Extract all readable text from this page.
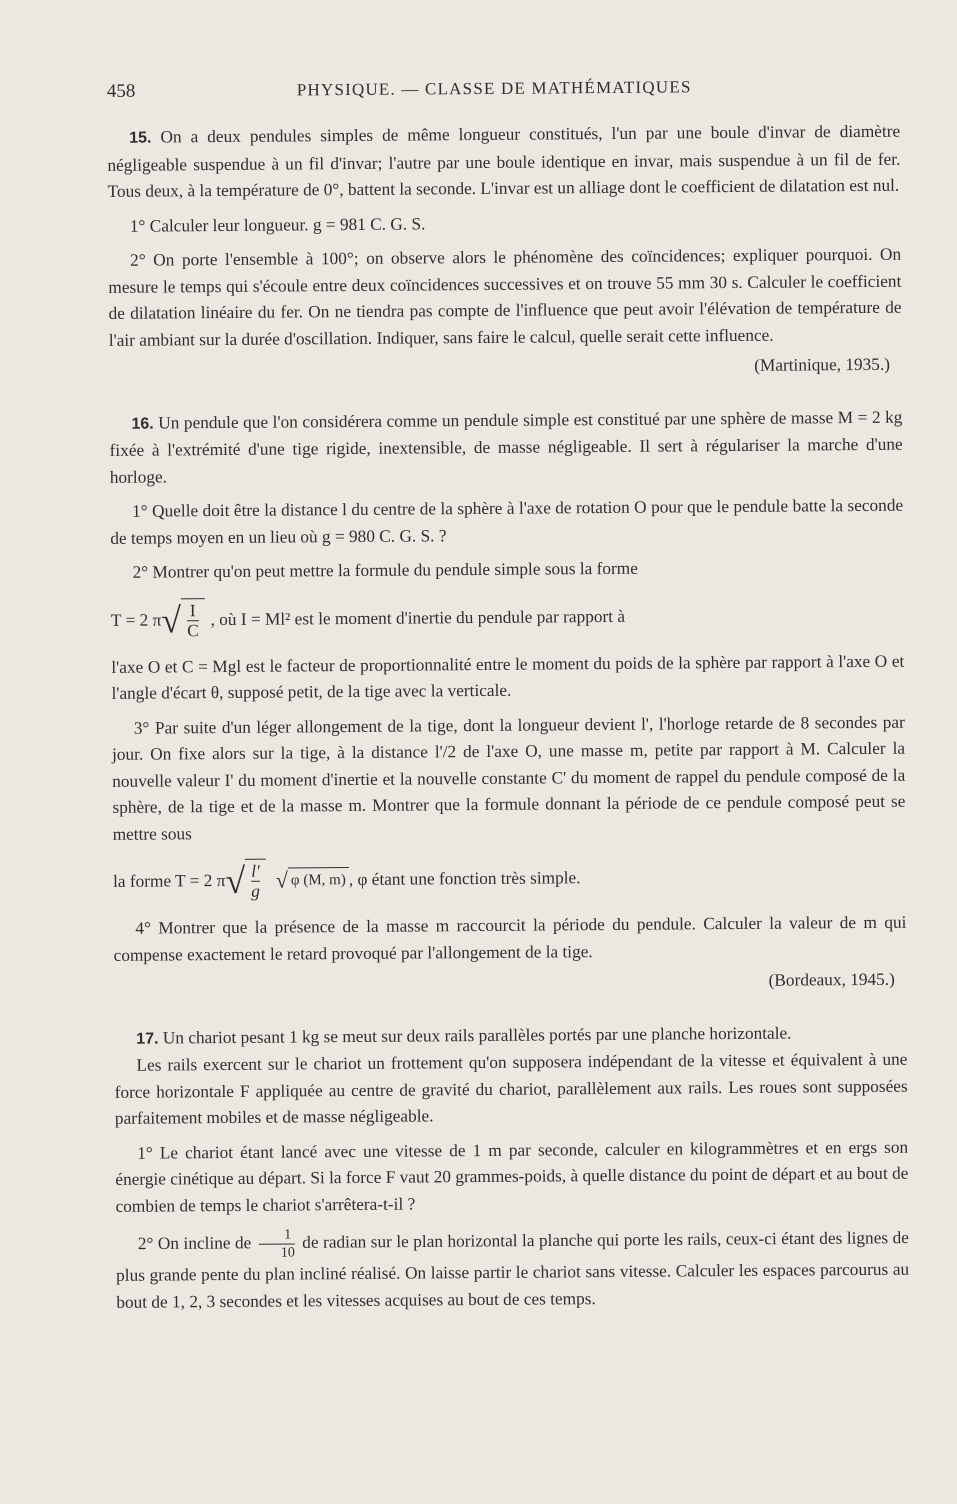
458	PHYSIQUE. — CLASSE DE MATHÉMATIQUES

15. On a deux pendules simples de même longueur constitués, l'un par une boule d'invar de diamètre négligeable suspendue à un fil d'invar; l'autre par une boule identique en invar, mais suspendue à un fil de fer. Tous deux, à la température de 0°, battent la seconde. L'invar est un alliage dont le coefficient de dilatation est nul.

1° Calculer leur longueur. g = 981 C. G. S.

2° On porte l'ensemble à 100°; on observe alors le phénomène des coïncidences; expliquer pourquoi. On mesure le temps qui s'écoule entre deux coïncidences successives et on trouve 55 mm 30 s. Calculer le coefficient de dilatation linéaire du fer. On ne tiendra pas compte de l'influence que peut avoir l'élévation de température de l'air ambiant sur la durée d'oscillation. Indiquer, sans faire le calcul, quelle serait cette influence.

(Martinique, 1935.)

16. Un pendule que l'on considérera comme un pendule simple est constitué par une sphère de masse M = 2 kg fixée à l'extrémité d'une tige rigide, inextensible, de masse négligeable. Il sert à régulariser la marche d'une horloge.

1° Quelle doit être la distance l du centre de la sphère à l'axe de rotation O pour que le pendule batte la seconde de temps moyen en un lieu où g = 980 C. G. S. ?

2° Montrer qu'on peut mettre la formule du pendule simple sous la forme

T = 2 π √ $\frac{I}{C}$ , où I = Ml² est le moment d'inertie du pendule par rapport à

l'axe O et C = Mgl est le facteur de proportionnalité entre le moment du poids de la sphère par rapport à l'axe O et l'angle d'écart θ, supposé petit, de la tige avec la verticale.

3° Par suite d'un léger allongement de la tige, dont la longueur devient l', l'horloge retarde de 8 secondes par jour. On fixe alors sur la tige, à la distance l'/2 de l'axe O, une masse m, petite par rapport à M. Calculer la nouvelle valeur I' du moment d'inertie et la nouvelle constante C' du moment de rappel du pendule composé de la sphère, de la tige et de la masse m. Montrer que la formule donnant la période de ce pendule composé peut se mettre sous

la forme T = 2 π √ $\frac{l'}{g}$ √ φ (M, m) , φ étant une fonction très simple.

4° Montrer que la présence de la masse m raccourcit la période du pendule. Calculer la valeur de m qui compense exactement le retard provoqué par l'allongement de la tige.

(Bordeaux, 1945.)

17. Un chariot pesant 1 kg se meut sur deux rails parallèles portés par une planche horizontale.

Les rails exercent sur le chariot un frottement qu'on supposera indépendant de la vitesse et équivalent à une force horizontale F appliquée au centre de gravité du chariot, parallèlement aux rails. Les roues sont supposées parfaitement mobiles et de masse négligeable.

1° Le chariot étant lancé avec une vitesse de 1 m par seconde, calculer en kilogrammètres et en ergs son énergie cinétique au départ. Si la force F vaut 20 grammes-poids, à quelle distance du point de départ et au bout de combien de temps le chariot s'arrêtera-t-il ?

2° On incline de $\frac{1}{10}$ de radian sur le plan horizontal la planche qui porte les rails, ceux-ci étant des lignes de plus grande pente du plan incliné réalisé. On laisse partir le chariot sans vitesse. Calculer les espaces parcourus au bout de 1, 2, 3 secondes et les vitesses acquises au bout de ces temps.
